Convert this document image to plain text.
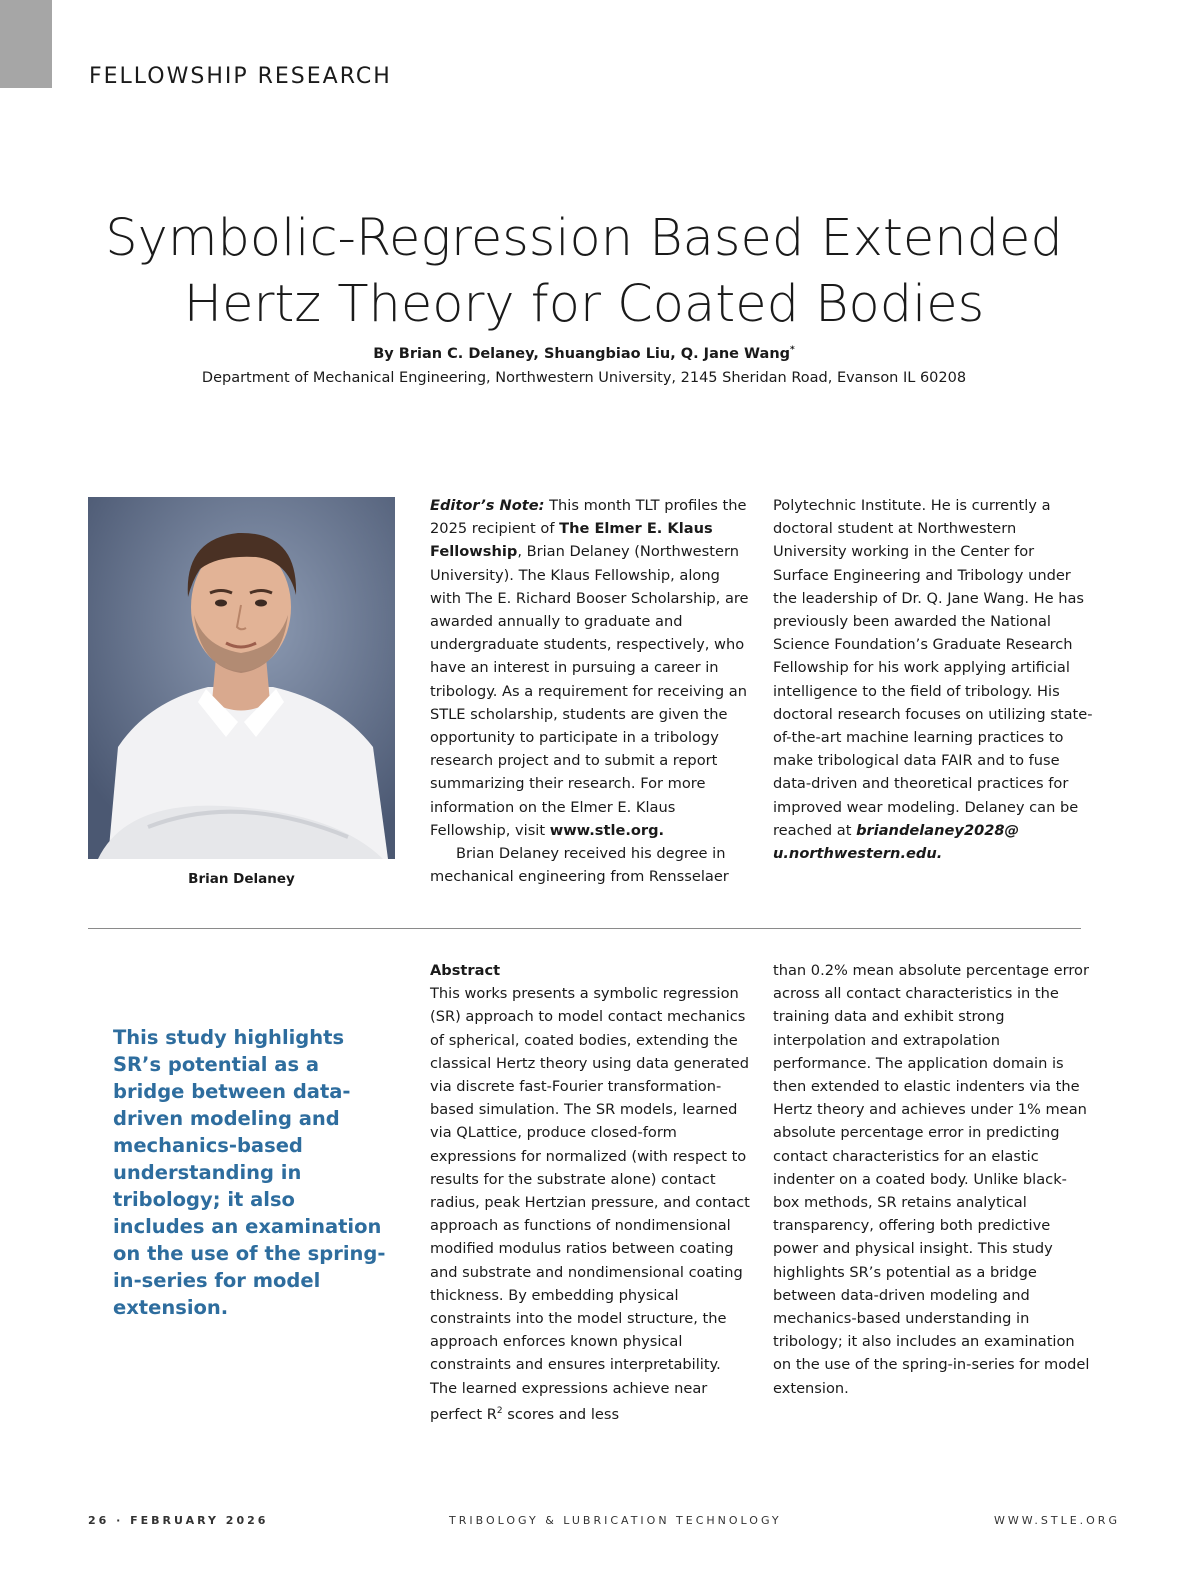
FELLOWSHIP RESEARCH
Symbolic-Regression Based Extended
Hertz Theory for Coated Bodies
By Brian C. Delaney, Shuangbiao Liu, Q. Jane Wang*
Department of Mechanical Engineering, Northwestern University, 2145 Sheridan Road, Evanson IL 60208
Brian Delaney

Editor’s Note: This month TLT profiles the 2025 recipient of The Elmer E. Klaus Fellowship, Brian Delaney (Northwestern University). The Klaus Fellowship, along with The E. Richard Booser Scholarship, are awarded annually to graduate and undergraduate students, respectively, who have an interest in pursuing a career in tribology. As a requirement for receiving an STLE scholarship, students are given the opportunity to participate in a tribology research project and to submit a report summarizing their research. For more information on the Elmer E. Klaus Fellowship, visit www.stle.org.

Brian Delaney received his degree in mechanical engineering from Rensselaer

Polytechnic Institute. He is currently a doctoral student at Northwestern University working in the Center for Surface Engineering and Tribology under the leadership of Dr. Q. Jane Wang. He has previously been awarded the National Science Foundation’s Graduate Research Fellowship for his work applying artificial intelligence to the field of tribology. His doctoral research focuses on utilizing state-of-the-art machine learning practices to make tribological data FAIR and to fuse data-driven and theoretical practices for improved wear modeling. Delaney can be reached at briandelaney2028@ u.northwestern.edu.

This study highlights SR’s potential as a bridge between data-driven modeling and mechanics-based understanding in tribology; it also includes an examination on the use of the spring-in-series for model extension.

Abstract

This works presents a symbolic regression (SR) approach to model contact mechanics of spherical, coated bodies, extending the classical Hertz theory using data generated via discrete fast-Fourier transformation-based simulation. The SR models, learned via QLattice, produce closed-form expressions for normalized (with respect to results for the substrate alone) contact radius, peak Hertzian pressure, and contact approach as functions of nondimensional modified modulus ratios between coating and substrate and nondimensional coating thickness. By embedding physical constraints into the model structure, the approach enforces known physical constraints and ensures interpretability. The learned expressions achieve near perfect $R^2$ scores and less

than 0.2% mean absolute percentage error across all contact characteristics in the training data and exhibit strong interpolation and extrapolation performance. The application domain is then extended to elastic indenters via the Hertz theory and achieves under 1% mean absolute percentage error in predicting contact characteristics for an elastic indenter on a coated body. Unlike black-box methods, SR retains analytical transparency, offering both predictive power and physical insight. This study highlights SR’s potential as a bridge between data-driven modeling and mechanics-based understanding in tribology; it also includes an examination on the use of the spring-in-series for model extension.

26 · FEBRUARY 2026	TRIBOLOGY & LUBRICATION TECHNOLOGY	WWW.STLE.ORG
